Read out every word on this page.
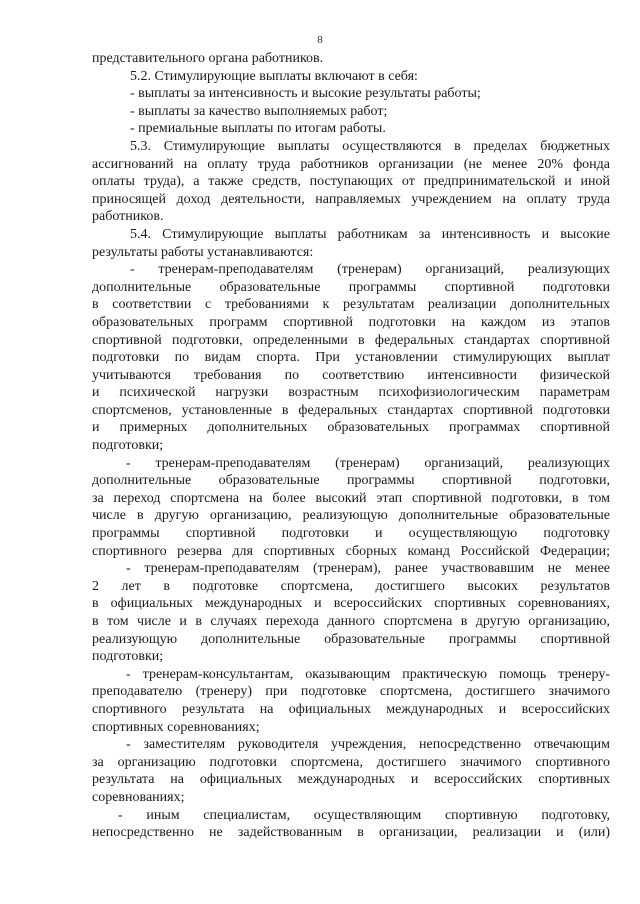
8
представительного органа работников.
5.2. Стимулирующие выплаты включают в себя:
- выплаты за интенсивность и высокие результаты работы;
- выплаты за качество выполняемых работ;
- премиальные выплаты по итогам работы.
5.3. Стимулирующие выплаты осуществляются в пределах бюджетных
ассигнований на оплату труда работников организации (не менее 20% фонда
оплаты труда), а также средств, поступающих от предпринимательской и иной
приносящей доход деятельности, направляемых учреждением на оплату труда
работников.
5.4. Стимулирующие выплаты работникам за интенсивность и высокие
результаты работы устанавливаются:
- тренерам-преподавателям (тренерам) организаций, реализующих
дополнительные образовательные программы спортивной подготовки
в соответствии с требованиями к результатам реализации дополнительных
образовательных программ спортивной подготовки на каждом из этапов
спортивной подготовки, определенными в федеральных стандартах спортивной
подготовки по видам спорта. При установлении стимулирующих выплат
учитываются требования по соответствию интенсивности физической
и психической нагрузки возрастным психофизиологическим параметрам
спортсменов, установленные в федеральных стандартах спортивной подготовки
и примерных дополнительных образовательных программах спортивной
подготовки;
- тренерам-преподавателям (тренерам) организаций, реализующих
дополнительные образовательные программы спортивной подготовки,
за переход спортсмена на более высокий этап спортивной подготовки, в том
числе в другую организацию, реализующую дополнительные образовательные
программы спортивной подготовки и осуществляющую подготовку
спортивного резерва для спортивных сборных команд Российской Федерации;
- тренерам-преподавателям (тренерам), ранее участвовавшим не менее
2 лет в подготовке спортсмена, достигшего высоких результатов
в официальных международных и всероссийских спортивных соревнованиях,
в том числе и в случаях перехода данного спортсмена в другую организацию,
реализующую дополнительные образовательные программы спортивной
подготовки;
- тренерам-консультантам, оказывающим практическую помощь тренеру-
преподавателю (тренеру) при подготовке спортсмена, достигшего значимого
спортивного результата на официальных международных и всероссийских
спортивных соревнованиях;
- заместителям руководителя учреждения, непосредственно отвечающим
за организацию подготовки спортсмена, достигшего значимого спортивного
результата на официальных международных и всероссийских спортивных
соревнованиях;
- иным специалистам, осуществляющим спортивную подготовку,
непосредственно не задействованным в организации, реализации и (или)
